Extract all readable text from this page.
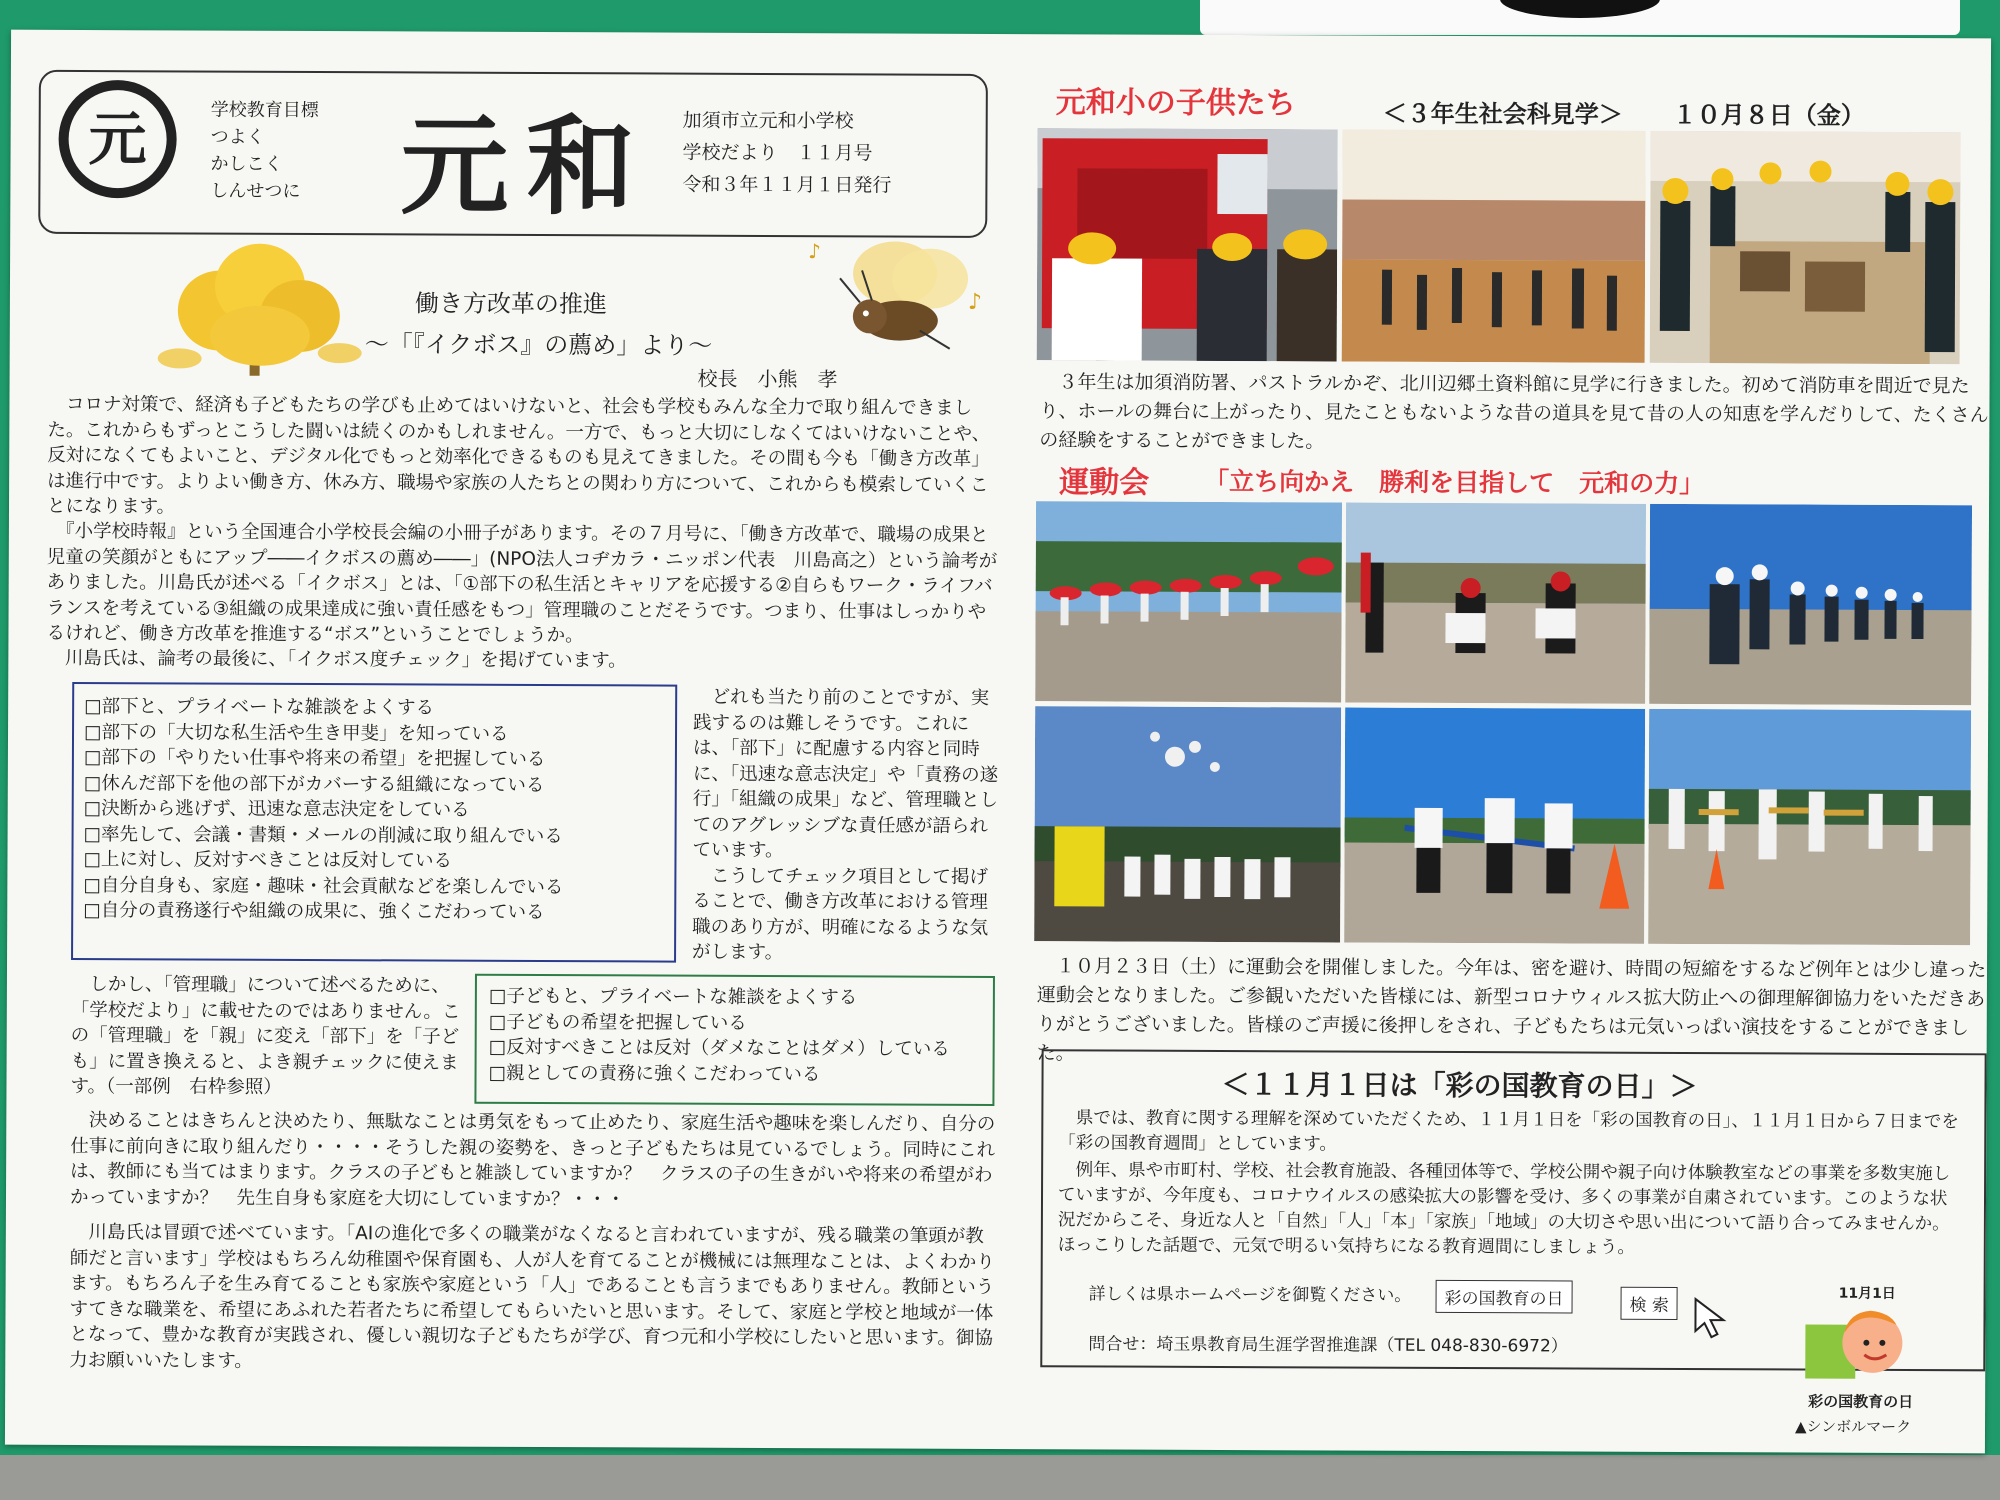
元	学校教育目標
つよく
かしこく
しんせつに 元和 加須市立元和小学校
学校だより　１１月号
令和３年１１月１日発行
♪
♪
働き方改革の推進
～「『イクボス』の薦め」より～
校長　小熊　孝
　コロナ対策で、経済も子どもたちの学びも止めてはいけないと、社会も学校もみんな全力で取り組んできました。これからもずっとこうした闘いは続くのかもしれません。一方で、もっと大切にしなくてはいけないことや、反対になくてもよいこと、デジタル化でもっと効率化できるものも見えてきました。その間も今も「働き方改革」は進行中です。よりよい働き方、休み方、職場や家族の人たちとの関わり方について、これからも模索していくことになります。
　『小学校時報』という全国連合小学校長会編の小冊子があります。その７月号に、「働き方改革で、職場の成果と児童の笑顔がともにアップ――イクボスの薦め――」(NPO法人コヂカラ・ニッポン代表　川島高之）という論考がありました。川島氏が述べる「イクボス」とは、「①部下の私生活とキャリアを応援する②自らもワーク・ライフバランスを考えている③組織の成果達成に強い責任感をもつ」管理職のことだそうです。つまり、仕事はしっかりやるけれど、働き方改革を推進する“ボス”ということでしょうか。
　川島氏は、論考の最後に、「イクボス度チェック」を掲げています。
□部下と、プライベートな雑談をよくする
□部下の「大切な私生活や生き甲斐」を知っている
□部下の「やりたい仕事や将来の希望」を把握している
□休んだ部下を他の部下がカバーする組織になっている
□決断から逃げず、迅速な意志決定をしている
□率先して、会議・書類・メールの削減に取り組んでいる
□上に対し、反対すべきことは反対している
□自分自身も、家庭・趣味・社会貢献などを楽しんでいる
□自分の責務遂行や組織の成果に、強くこだわっている
　どれも当たり前のことですが、実践するのは難しそうです。これには、「部下」に配慮する内容と同時に、「迅速な意志決定」や「責務の遂行」「組織の成果」など、管理職としてのアグレッシブな責任感が語られています。
　こうしてチェック項目として掲げることで、働き方改革における管理職のあり方が、明確になるような気がします。
　しかし、「管理職」について述べるために、「学校だより」に載せたのではありません。この「管理職」を「親」に変え「部下」を「子ども」に置き換えると、よき親チェックに使えます。（一部例　右枠参照）
□子どもと、プライベートな雑談をよくする
□子どもの希望を把握している
□反対すべきことは反対（ダメなことはダメ）している
□親としての責務に強くこだわっている
　決めることはきちんと決めたり、無駄なことは勇気をもって止めたり、家庭生活や趣味を楽しんだり、自分の仕事に前向きに取り組んだり・・・・そうした親の姿勢を、きっと子どもたちは見ているでしょう。同時にこれは、教師にも当てはまります。クラスの子どもと雑談していますか？　クラスの子の生きがいや将来の希望がわかっていますか？　先生自身も家庭を大切にしていますか？・・・
　川島氏は冒頭で述べています。「AIの進化で多くの職業がなくなると言われていますが、残る職業の筆頭が教師だと言います」学校はもちろん幼稚園や保育園も、人が人を育てることが機械には無理なことは、よくわかります。もちろん子を生み育てることも家族や家庭という「人」であることも言うまでもありません。教師というすてきな職業を、希望にあふれた若者たちに希望してもらいたいと思います。そして、家庭と学校と地域が一体となって、豊かな教育が実践され、優しい親切な子どもたちが学び、育つ元和小学校にしたいと思います。御協力お願いいたします。
元和小の子供たち	＜３年生社会科見学＞ １０月８日（金）
　３年生は加須消防署、パストラルかぞ、北川辺郷土資料館に見学に行きました。初めて消防車を間近で見たり、ホールの舞台に上がったり、見たこともないような昔の道具を見て昔の人の知恵を学んだりして、たくさんの経験をすることができました。
運動会 「立ち向かえ　勝利を目指して　元和の力」
　１０月２３日（土）に運動会を開催しました。今年は、密を避け、時間の短縮をするなど例年とは少し違った運動会となりました。ご参観いただいた皆様には、新型コロナウィルス拡大防止への御理解御協力をいただきありがとうございました。皆様のご声援に後押しをされ、子どもたちは元気いっぱい演技をすることができました。
＜１１月１日は「彩の国教育の日」＞
　県では、教育に関する理解を深めていただくため、１１月１日を「彩の国教育の日」、１１月１日から７日までを「彩の国教育週間」としています。
　例年、県や市町村、学校、社会教育施設、各種団体等で、学校公開や親子向け体験教室などの事業を多数実施していますが、今年度も、コロナウイルスの感染拡大の影響を受け、多くの事業が自粛されています。このような状況だからこそ、身近な人と「自然」「人」「本」「家族」「地域」の大切さや思い出について語り合ってみませんか。ほっこりした話題で、元気で明るい気持ちになる教育週間にしましょう。
詳しくは県ホームページを御覧ください。	彩の国教育の日	検 索
問合せ：埼玉県教育局生涯学習推進課（TEL 048-830-6972）
11月1日
彩の国教育の日
▲シンボルマーク
